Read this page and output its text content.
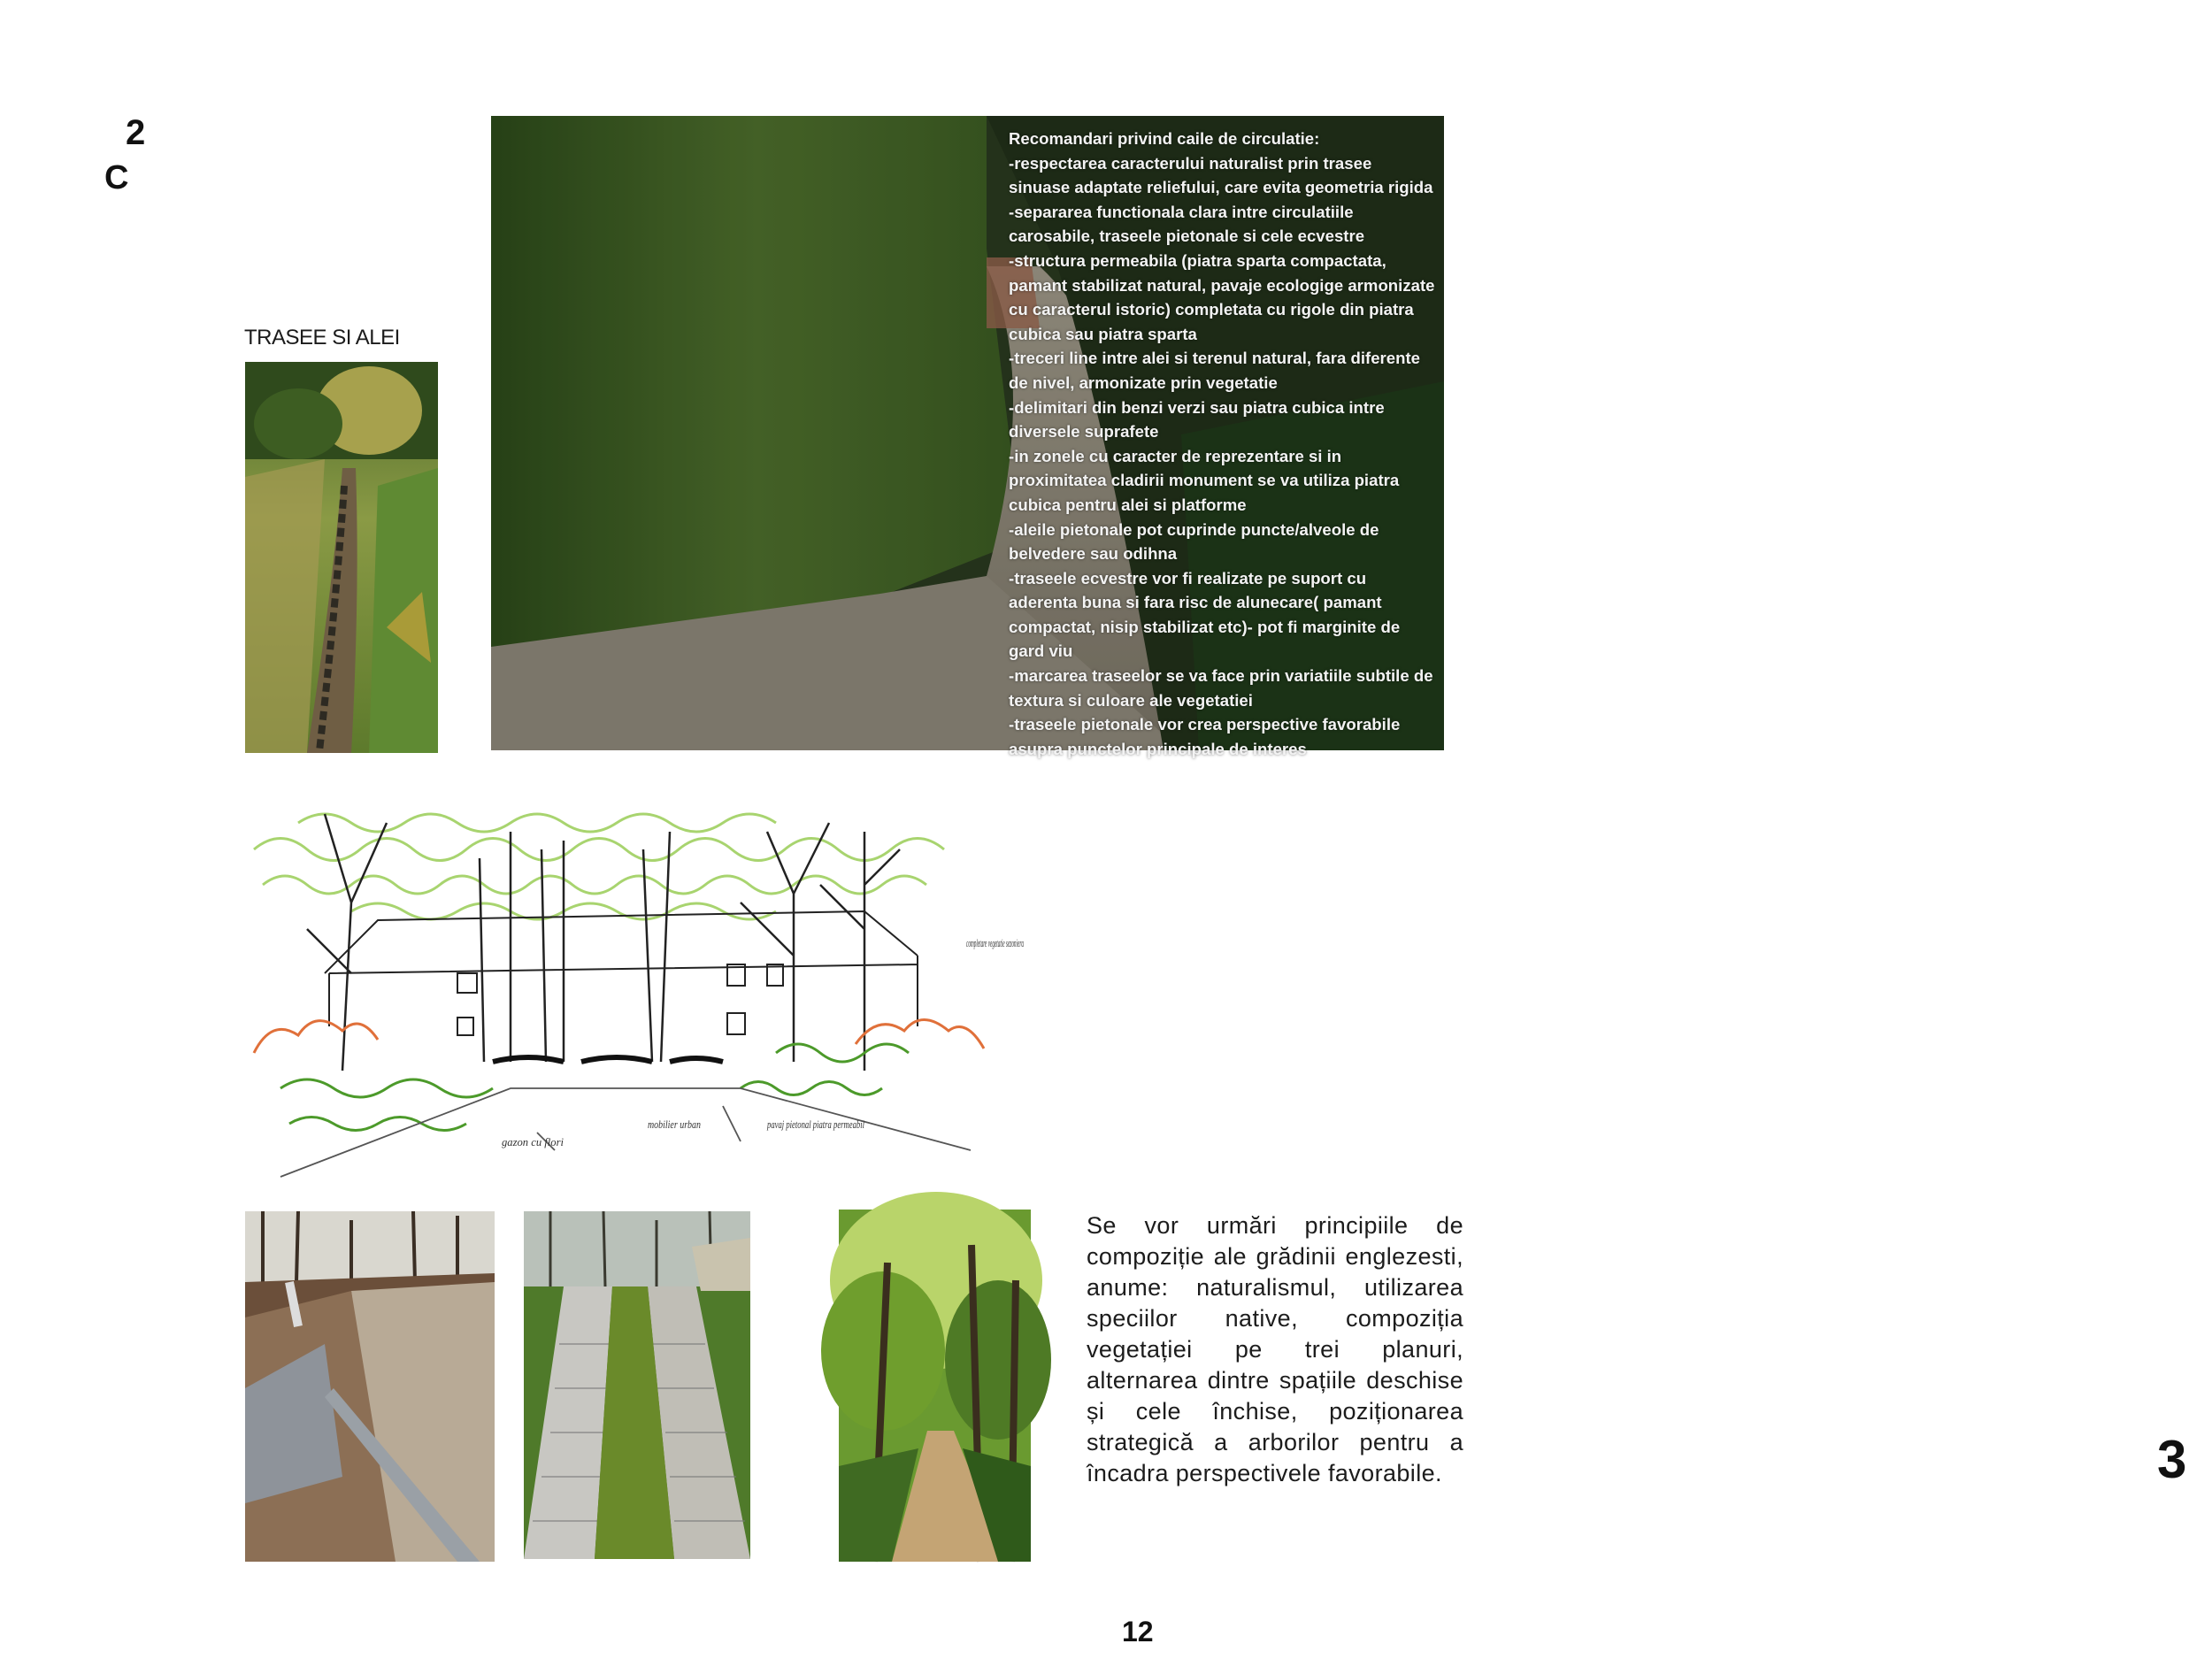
2
C
3
TRASEE SI ALEI
Recomandari privind caile de circulatie:
-respectarea caracterului naturalist prin trasee
sinuase adaptate reliefului, care evita geometria rigida
-separarea functionala clara intre circulatiile
carosabile, traseele pietonale si cele ecvestre
-structura permeabila (piatra sparta compactata,
pamant stabilizat natural, pavaje ecologige armonizate
cu caracterul istoric) completata cu rigole din piatra
cubica sau piatra sparta
-treceri line intre alei si terenul natural, fara diferente
de nivel, armonizate prin vegetatie
-delimitari din benzi verzi sau piatra cubica intre
diversele suprafete
-in zonele cu caracter de reprezentare si in
proximitatea cladirii monument se va utiliza piatra
cubica pentru alei si platforme
-aleile pietonale pot cuprinde puncte/alveole de
belvedere sau odihna
-traseele ecvestre vor fi realizate pe suport cu
aderenta buna si fara risc de alunecare( pamant
compactat, nisip stabilizat etc)- pot fi marginite de
gard viu
-marcarea traseelor se va face prin variatiile subtile de
textura si culoare ale vegetatiei
-traseele pietonale vor crea perspective favorabile
asupra punctelor principale de interes
completare vegetatie sezoniera
gazon cu flori
mobilier urban	pavaj pietonal piatra permeabil
Se vor urmări principiile de compoziție ale grădinii englezesti, anume: naturalismul, utilizarea speciilor native, compoziția vegetației pe trei planuri, alternarea dintre spațiile deschise și cele închise, poziționarea strategică a arborilor pentru a încadra perspectivele favorabile.
12
